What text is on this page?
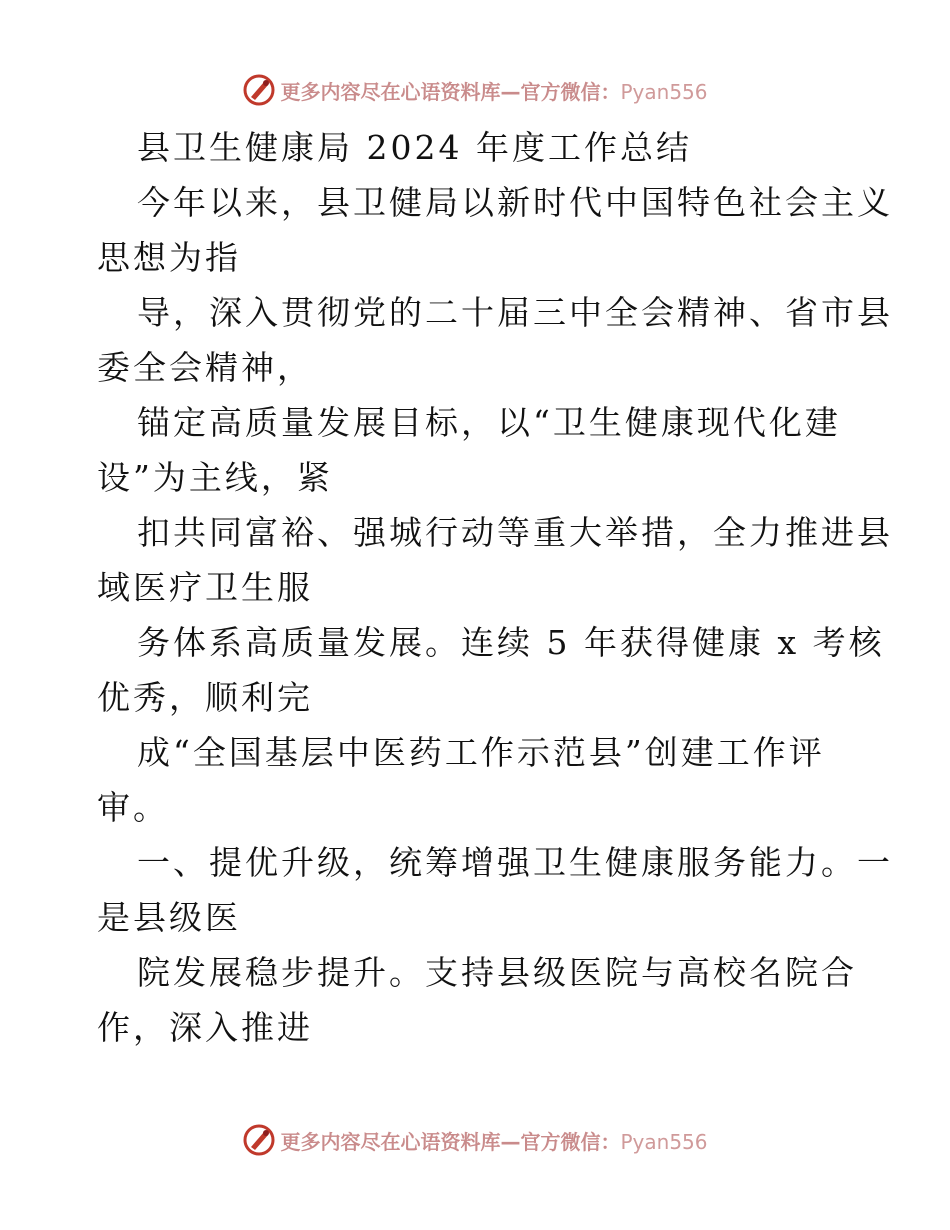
更多内容尽在心语资料库—官方微信：Pyan556
县卫生健康局 2024 年度工作总结
今年以来，县卫健局以新时代中国特色社会主义
思想为指
导，深入贯彻党的二十届三中全会精神、省市县
委全会精神，
锚定高质量发展目标，以“卫生健康现代化建
设”为主线，紧
扣共同富裕、强城行动等重大举措，全力推进县
域医疗卫生服
务体系高质量发展。连续 5 年获得健康 x 考核
优秀，顺利完
成“全国基层中医药工作示范县”创建工作评
审。
一、提优升级，统筹增强卫生健康服务能力。一
是县级医
院发展稳步提升。支持县级医院与高校名院合
作，深入推进
更多内容尽在心语资料库—官方微信：Pyan556
